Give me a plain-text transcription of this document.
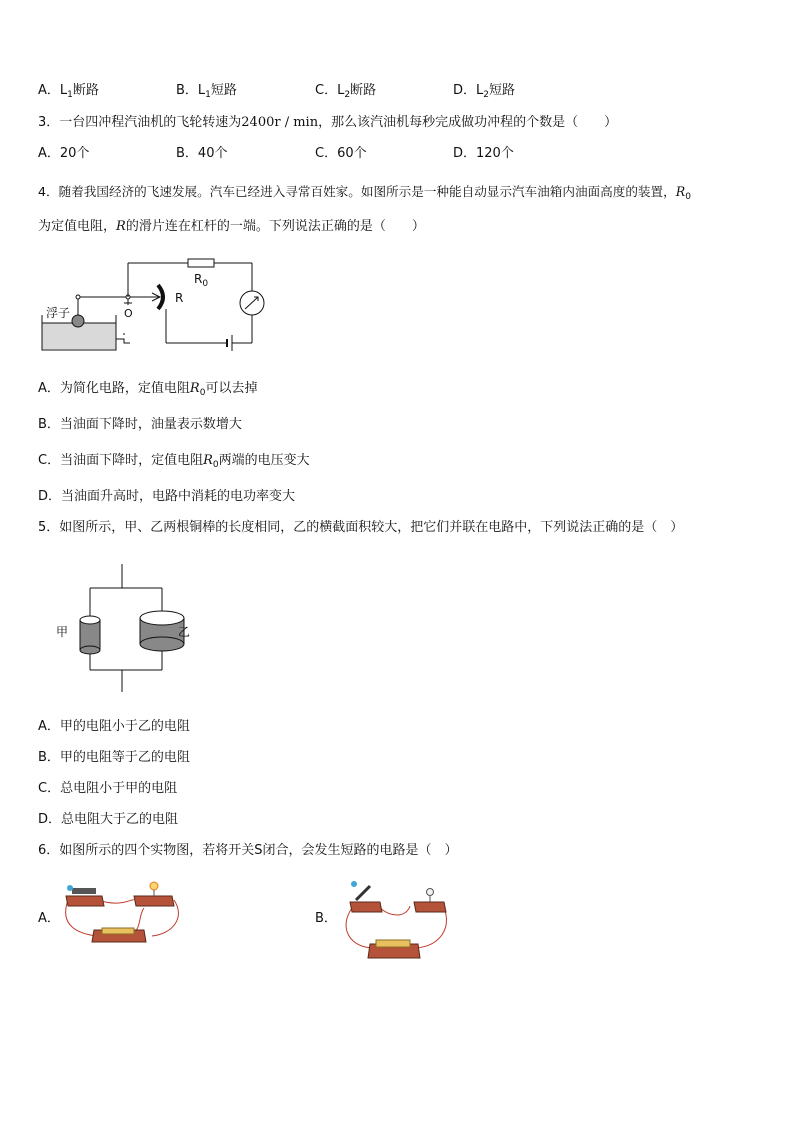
A．$L_1$断路	B．$L_1$短路	C．$L_2$断路	D．$L_2$短路
3．一台四冲程汽油机的飞轮转速为2400r / min，那么该汽油机每秒完成做功冲程的个数是（　　）
A．20个	B．40个	C．60个	D．120个
4．随着我国经济的飞速发展。汽车已经进入寻常百姓家。如图所示是一种能自动显示汽车油箱内油面高度的装置，$R_0$
为定值电阻，R的滑片连在杠杆的一端。下列说法正确的是（　　）
浮子	O
R
$R_0$
A．为简化电路，定值电阻$R_0$可以去掉
B．当油面下降时，油量表示数增大
C．当油面下降时，定值电阻$R_0$两端的电压变大
D．当油面升高时，电路中消耗的电功率变大
5．如图所示，甲、乙两根铜棒的长度相同，乙的横截面积较大，把它们并联在电路中，下列说法正确的是（　）
甲	乙
A．甲的电阻小于乙的电阻
B．甲的电阻等于乙的电阻
C．总电阻小于甲的电阻
D．总电阻大于乙的电阻
6．如图所示的四个实物图，若将开关S闭合，会发生短路的电路是（　）
A．	B．
